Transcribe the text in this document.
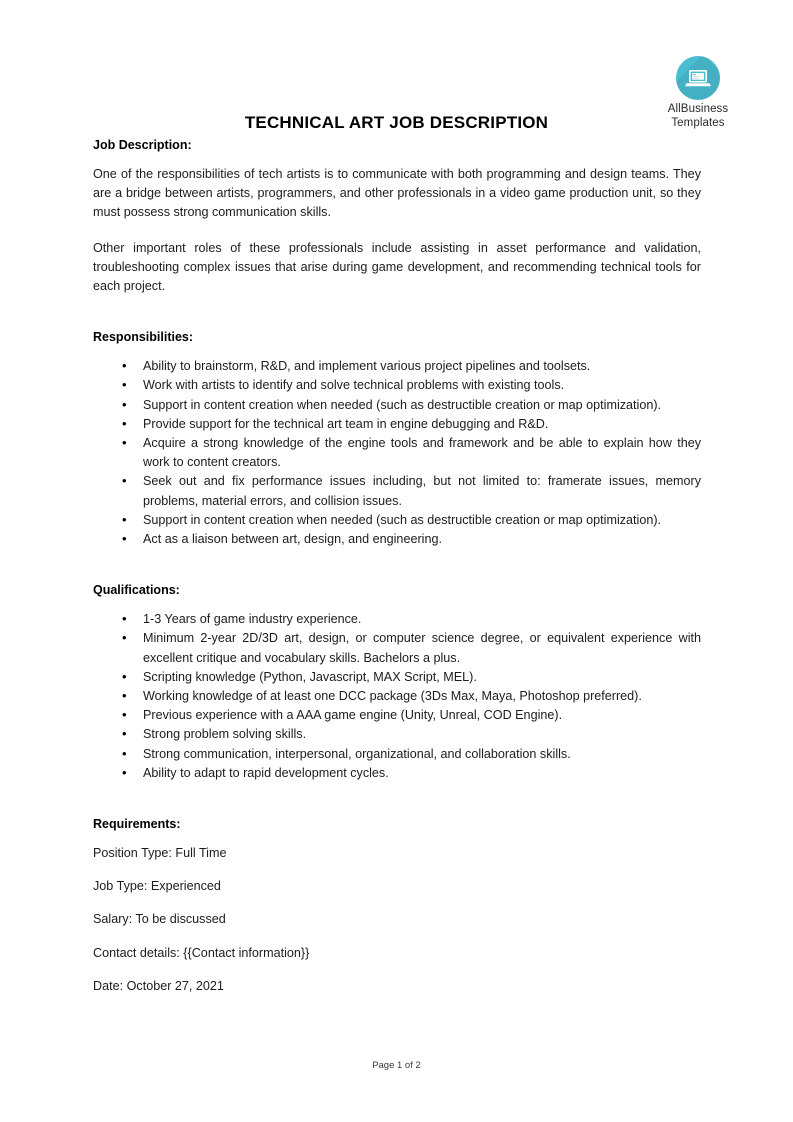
AllBusiness
Templates
TECHNICAL ART JOB DESCRIPTION
Job Description:

One of the responsibilities of tech artists is to communicate with both programming and design teams. They are a bridge between artists, programmers, and other professionals in a video game production unit, so they must possess strong communication skills.

Other important roles of these professionals include assisting in asset performance and validation, troubleshooting complex issues that arise during game development, and recommending technical tools for each project.

Responsibilities:
• Ability to brainstorm, R&D, and implement various project pipelines and toolsets.
• Work with artists to identify and solve technical problems with existing tools.
• Support in content creation when needed (such as destructible creation or map optimization).
• Provide support for the technical art team in engine debugging and R&D.
• Acquire a strong knowledge of the engine tools and framework and be able to explain how they work to content creators.
• Seek out and fix performance issues including, but not limited to: framerate issues, memory problems, material errors, and collision issues.
• Support in content creation when needed (such as destructible creation or map optimization).
• Act as a liaison between art, design, and engineering.
Qualifications:
• 1-3 Years of game industry experience.
• Minimum 2-year 2D/3D art, design, or computer science degree, or equivalent experience with excellent critique and vocabulary skills. Bachelors a plus.
• Scripting knowledge (Python, Javascript, MAX Script, MEL).
• Working knowledge of at least one DCC package (3Ds Max, Maya, Photoshop preferred).
• Previous experience with a AAA game engine (Unity, Unreal, COD Engine).
• Strong problem solving skills.
• Strong communication, interpersonal, organizational, and collaboration skills.
• Ability to adapt to rapid development cycles.
Requirements:
Position Type: Full Time
Job Type: Experienced
Salary: To be discussed
Contact details: {{Contact information}}
Date: October 27, 2021
Page 1 of 2
